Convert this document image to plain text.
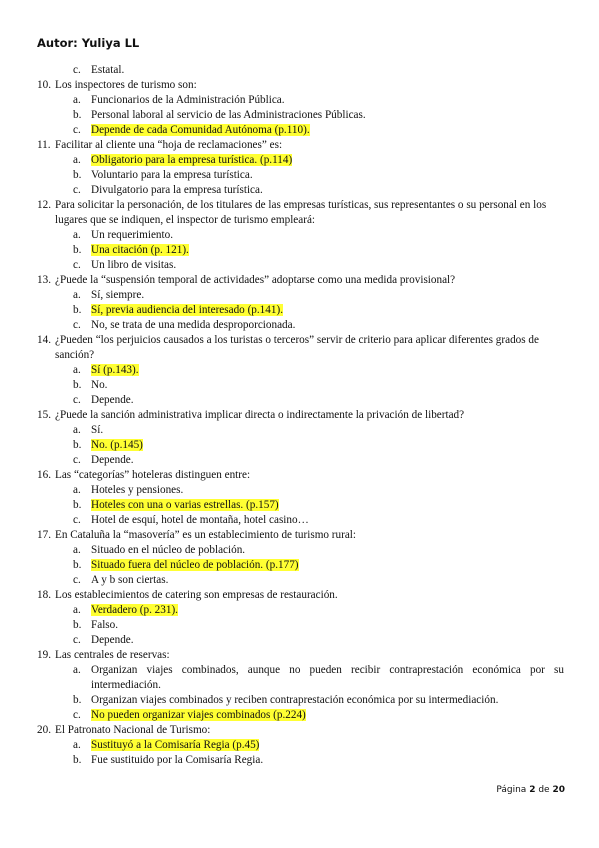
Autor: Yuliya LL
c. Estatal.
10. Los inspectores de turismo son:
a. Funcionarios de la Administración Pública.
b. Personal laboral al servicio de las Administraciones Públicas.
c. Depende de cada Comunidad Autónoma (p.110).
11. Facilitar al cliente una “hoja de reclamaciones” es:
a. Obligatorio para la empresa turística. (p.114)
b. Voluntario para la empresa turística.
c. Divulgatorio para la empresa turística.
12. Para solicitar la personación, de los titulares de las empresas turísticas, sus representantes o su personal en los lugares que se indiquen, el inspector de turismo empleará:
a. Un requerimiento.
b. Una citación (p. 121).
c. Un libro de visitas.
13. ¿Puede la “suspensión temporal de actividades” adoptarse como una medida provisional?
a. Sí, siempre.
b. Sí, previa audiencia del interesado (p.141).
c. No, se trata de una medida desproporcionada.
14. ¿Pueden “los perjuicios causados a los turistas o terceros” servir de criterio para aplicar diferentes grados de sanción?
a. Sí (p.143).
b. No.
c. Depende.
15. ¿Puede la sanción administrativa implicar directa o indirectamente la privación de libertad?
a. Sí.
b. No. (p.145)
c. Depende.
16. Las “categorías” hoteleras distinguen entre:
a. Hoteles y pensiones.
b. Hoteles con una o varias estrellas. (p.157)
c. Hotel de esquí, hotel de montaña, hotel casino…
17. En Cataluña la “masovería” es un establecimiento de turismo rural:
a. Situado en el núcleo de población.
b. Situado fuera del núcleo de población. (p.177)
c. A y b son ciertas.
18. Los establecimientos de catering son empresas de restauración.
a. Verdadero (p. 231).
b. Falso.
c. Depende.
19. Las centrales de reservas:
a. Organizan viajes combinados, aunque no pueden recibir contraprestación económica por su intermediación.
b. Organizan viajes combinados y reciben contraprestación económica por su intermediación.
c. No pueden organizar viajes combinados (p.224)
20. El Patronato Nacional de Turismo:
a. Sustituyó a la Comisaría Regia (p.45)
b. Fue sustituido por la Comisaría Regia.
Página 2 de 20
